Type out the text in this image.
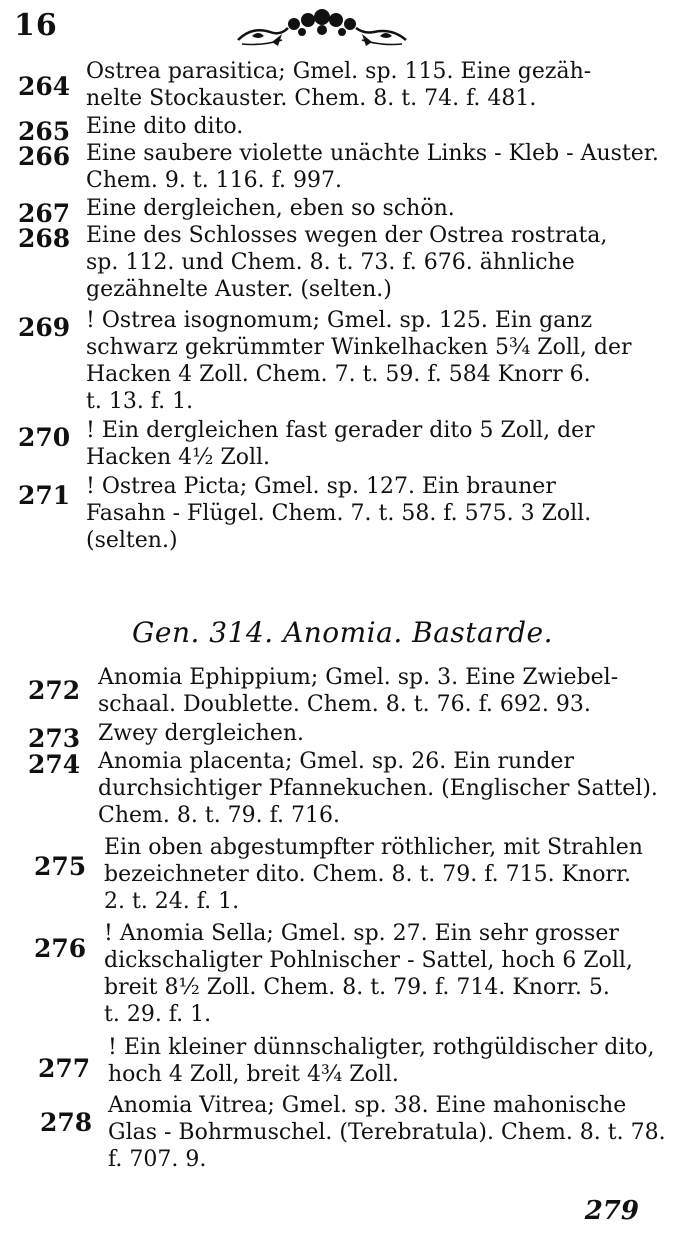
16
264
Ostrea parasitica; Gmel. sp. 115. Eine gezäh-
nelte Stockauster. Chem. 8. t. 74. f. 481.
265 Eine dito dito.
266 Eine saubere violette unächte Links - Kleb - Auster.
Chem. 9. t. 116. f. 997.
267 Eine dergleichen, eben so schön.
268 Eine des Schlosses wegen der Ostrea rostrata,
sp. 112. und Chem. 8. t. 73. f. 676. ähnliche
gezähnelte Auster. (selten.)
269 ! Ostrea isognomum; Gmel. sp. 125. Ein ganz
schwarz gekrümmter Winkelhacken 5¾ Zoll, der
Hacken 4 Zoll. Chem. 7. t. 59. f. 584 Knorr 6.
t. 13. f. 1.
270 ! Ein dergleichen fast gerader dito 5 Zoll, der
Hacken 4½ Zoll.
271 ! Ostrea Picta; Gmel. sp. 127. Ein brauner
Fasahn - Flügel. Chem. 7. t. 58. f. 575. 3 Zoll.
(selten.)
Gen. 314. Anomia. Bastarde.
272 Anomia Ephippium; Gmel. sp. 3. Eine Zwiebel-
schaal. Doublette. Chem. 8. t. 76. f. 692. 93.
273 Zwey dergleichen.
274 Anomia placenta; Gmel. sp. 26. Ein runder
durchsichtiger Pfannekuchen. (Englischer Sattel).
Chem. 8. t. 79. f. 716.
275
Ein oben abgestumpfter röthlicher, mit Strahlen
bezeichneter dito. Chem. 8. t. 79. f. 715. Knorr.
2. t. 24. f. 1.
276
! Anomia Sella; Gmel. sp. 27. Ein sehr grosser
dickschaligter Pohlnischer - Sattel, hoch 6 Zoll,
breit 8½ Zoll. Chem. 8. t. 79. f. 714. Knorr. 5.
t. 29. f. 1.
277
! Ein kleiner dünnschaligter, rothgüldischer dito,
hoch 4 Zoll, breit 4¾ Zoll.
278
Anomia Vitrea; Gmel. sp. 38. Eine mahonische
Glas - Bohrmuschel. (Terebratula). Chem. 8. t. 78.
f. 707. 9.
279
